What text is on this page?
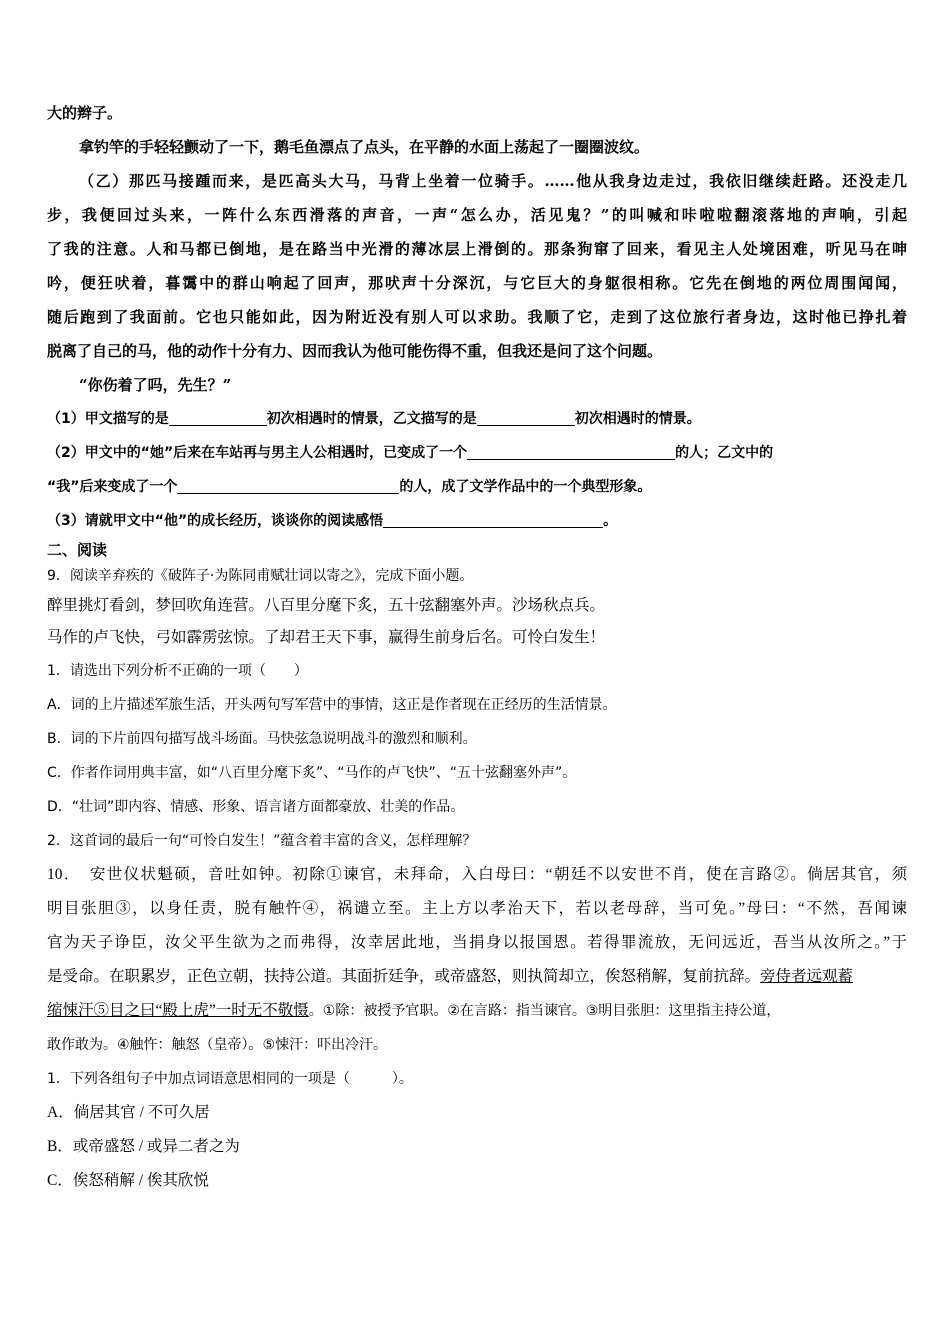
大的辫子。
拿钓竿的手轻轻颤动了一下，鹅毛鱼漂点了点头，在平静的水面上荡起了一圈圈波纹。
（乙）那匹马接踵而来，是匹高头大马，马背上坐着一位骑手。……他从我身边走过，我依旧继续赶路。还没走几
步，我便回过头来，一阵什么东西滑落的声音，一声“怎么办，活见鬼？”的叫喊和咔啦啦翻滚落地的声响，引起
了我的注意。人和马都已倒地，是在路当中光滑的薄冰层上滑倒的。那条狗窜了回来，看见主人处境困难，听见马在呻
吟，便狂吠着，暮霭中的群山响起了回声，那吠声十分深沉，与它巨大的身躯很相称。它先在倒地的两位周围闻闻，
随后跑到了我面前。它也只能如此，因为附近没有别人可以求助。我顺了它，走到了这位旅行者身边，这时他已挣扎着
脱离了自己的马，他的动作十分有力、因而我认为他可能伤得不重，但我还是问了这个问题。
“你伤着了吗，先生？”
（1）甲文描写的是	初次相遇时的情景，乙文描写的是	初次相遇时的情景。
（2）甲文中的“她”后来在车站再与男主人公相遇时，已变成了一个	的人；乙文中的
“我”后来变成了一个	的人，成了文学作品中的一个典型形象。
（3）请就甲文中“他”的成长经历，谈谈你的阅读感悟	。
二、阅读
9．阅读辛弃疾的《破阵子·为陈同甫赋壮词以寄之》，完成下面小题。
醉里挑灯看剑，梦回吹角连营。八百里分麾下炙，五十弦翻塞外声。沙场秋点兵。
马作的卢飞快，弓如霹雳弦惊。了却君王天下事，赢得生前身后名。可怜白发生！
1．请选出下列分析不正确的一项（　　）
A．词的上片描述军旅生活，开头两句写军营中的事情，这正是作者现在正经历的生活情景。
B．词的下片前四句描写战斗场面。马快弦急说明战斗的激烈和顺利。
C．作者作词用典丰富，如“八百里分麾下炙”、“马作的卢飞快”、“五十弦翻塞外声”。
D．“壮词”即内容、情感、形象、语言诸方面都豪放、壮美的作品。
2．这首词的最后一句“可怜白发生！”蕴含着丰富的含义，怎样理解？
10．　安世仪状魁硕，音吐如钟。初除①谏官，未拜命，入白母曰：“朝廷不以安世不肖，使在言路②。倘居其官，须
明目张胆③，以身任责，脱有触忤④，祸谴立至。主上方以孝治天下，若以老母辞，当可免。”母曰：“不然，吾闻谏
官为天子诤臣，汝父平生欲为之而弗得，汝幸居此地，当捐身以报国恩。若得罪流放，无问远近，吾当从汝所之。”于
是受命。在职累岁，正色立朝，扶持公道。其面折廷争，或帝盛怒，则执简却立，俟怒稍解，复前抗辞。旁侍者远观蓄
缩悚汗⑤目之曰“殿上虎”一时无不敬慑。①除：被授予官职。②在言路：指当谏官。③明目张胆：这里指主持公道，
敢作敢为。④触忤：触怒（皇帝）。⑤悚汗：吓出冷汗。
1．下列各组句子中加点词语意思相同的一项是（　　　）。
A．倘居其官 / 不可久居
B．或帝盛怒 / 或异二者之为
C．俟怒稍解 / 俟其欣悦
